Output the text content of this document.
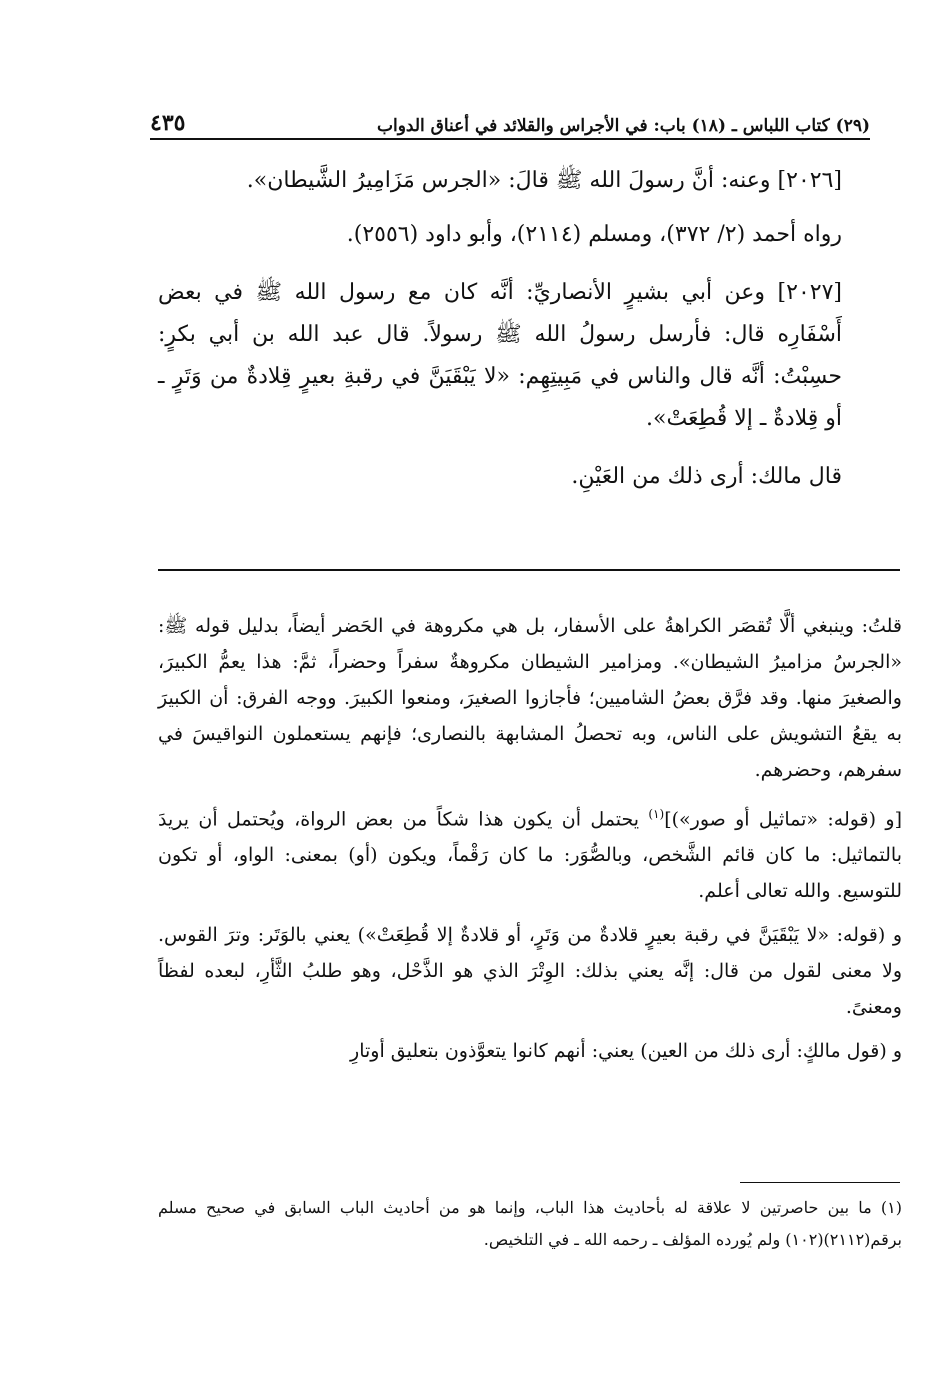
(٢٩) كتاب اللباس ـ (١٨) باب: في الأجراس والقلائد في أعناق الدواب
٤٣٥

[٢٠٢٦] وعنه: أنَّ رسولَ الله ﷺ قالَ: «الجرس مَزَامِيرُ الشَّيطان».

رواه أحمد (٢/ ٣٧٢)، ومسلم (٢١١٤)، وأبو داود (٢٥٥٦).

[٢٠٢٧] وعن أبي بشيرٍ الأنصاريِّ: أنَّه كان مع رسول الله ﷺ في بعض أَسْفَارِه قال: فأرسل رسولُ الله ﷺ رسولاً. قال عبد الله بن أبي بكرٍ: حسِبْتُ: أنَّه قال والناس في مَبِيتِهِم: «لا يَبْقَيَنَّ في رقبةِ بعيرٍ قِلادةٌ من وَتَرٍ ـ أو قِلادةٌ ـ إلا قُطِعَتْ».

قال مالك: أرى ذلك من العَيْنِ.

قلتُ: وينبغي ألَّا تُقصَر الكراهةُ على الأسفار، بل هي مكروهة في الحَضر أيضاً، بدليل قوله ﷺ: «الجرسُ مزاميرُ الشيطان». ومزامير الشيطان مكروهةٌ سفراً وحضراً، ثمَّ: هذا يعمُّ الكبيرَ، والصغيرَ منها. وقد فرَّق بعضُ الشاميين؛ فأجازوا الصغيرَ، ومنعوا الكبيرَ. ووجه الفرق: أن الكبيرَ به يقعُ التشويش على الناس، وبه تحصلُ المشابهة بالنصارى؛ فإنهم يستعملون النواقيسَ في سفرهم، وحضرهم.

[و (قوله: «تماثيل أو صور»)]$^{(١)}$ يحتمل أن يكون هذا شكاً من بعض الرواة، ويُحتمل أن يريدَ بالتماثيل: ما كان قائم الشَّخص، وبالصُّوَر: ما كان رَقْماً، ويكون (أو) بمعنى: الواو، أو تكون للتوسيع. والله تعالى أعلم.

و (قوله: «لا يَبْقَيَنَّ في رقبة بعيرٍ قلادةٌ من وَتَرٍ، أو قلادةٌ إلا قُطِعَتْ») يعني بالوَتَر: وترَ القوس. ولا معنى لقول من قال: إنَّه يعني بذلك: الوِتْرَ الذي هو الذَّحْل، وهو طلبُ الثَّأرِ، لبعده لفظاً ومعنىً.

و (قول مالكٍ: أرى ذلك من العين) يعني: أنهم كانوا يتعوَّذون بتعليق أوتارِ

(١) ما بين حاصرتين لا علاقة له بأحاديث هذا الباب، وإنما هو من أحاديث الباب السابق في صحيح مسلم برقم(٢١١٢)(١٠٢) ولم يُورده المؤلف ـ رحمه الله ـ في التلخيص.
